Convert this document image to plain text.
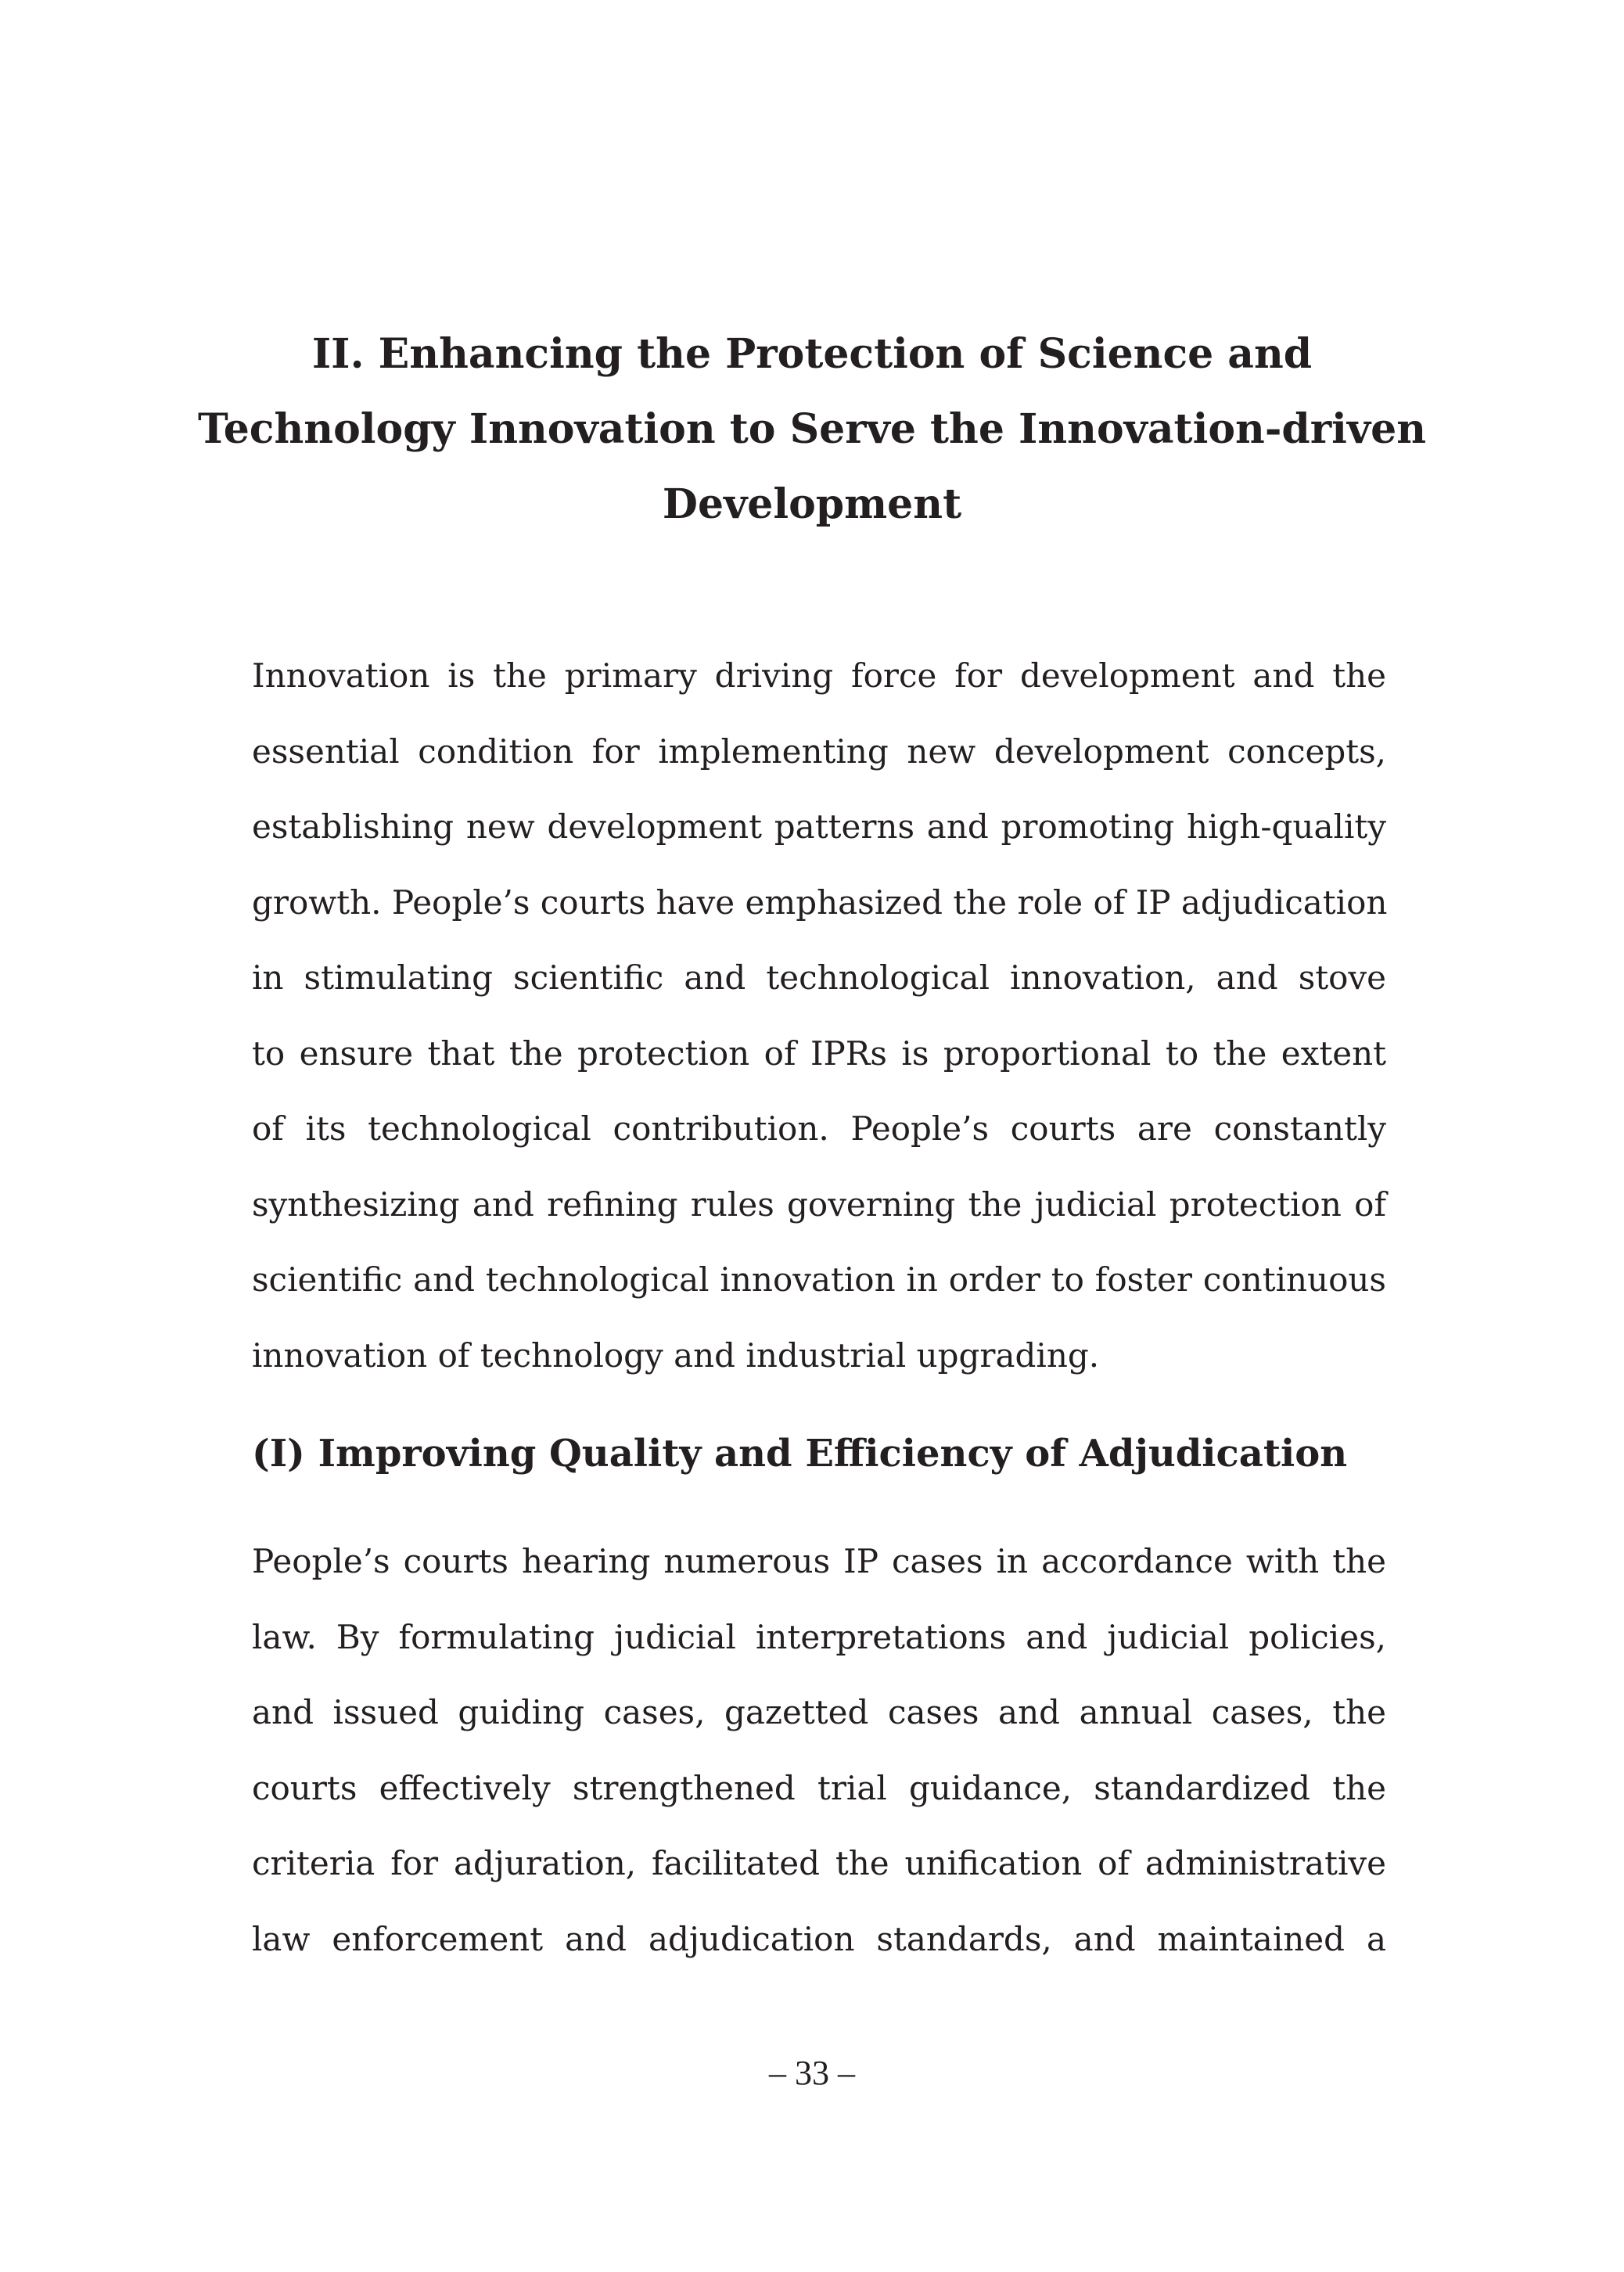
II. Enhancing the Protection of Science and
Technology Innovation to Serve the Innovation-driven
Development

Innovation is the primary driving force for development and the
essential condition for implementing new development concepts,
establishing new development patterns and promoting high-quality
growth. People’s courts have emphasized the role of IP adjudication
in stimulating scientific and technological innovation, and stove
to ensure that the protection of IPRs is proportional to the extent
of its technological contribution. People’s courts are constantly
synthesizing and refining rules governing the judicial protection of
scientific and technological innovation in order to foster continuous
innovation of technology and industrial upgrading.

(I) Improving Quality and Efficiency of Adjudication

People’s courts hearing numerous IP cases in accordance with the
law. By formulating judicial interpretations and judicial policies,
and issued guiding cases, gazetted cases and annual cases, the
courts effectively strengthened trial guidance, standardized the
criteria for adjuration, facilitated the unification of administrative
law enforcement and adjudication standards, and maintained a

– 33 –
